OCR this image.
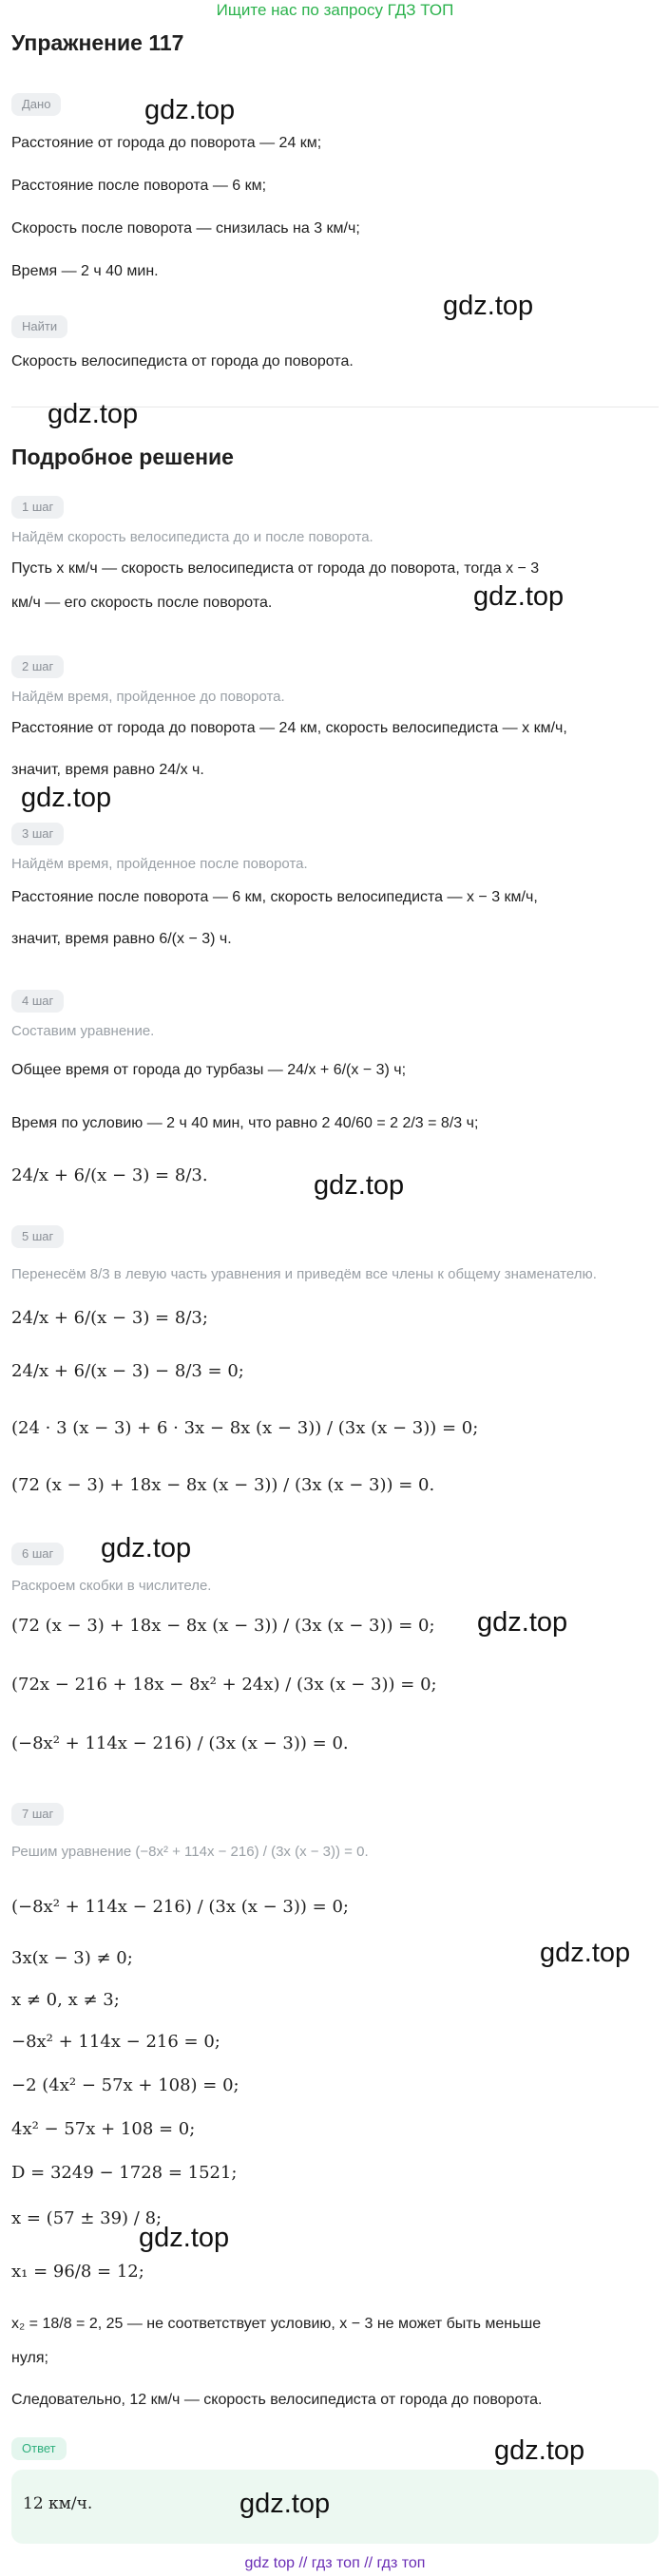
Ищите нас по запросу ГДЗ ТОП
Упражнение 117
Дано
Расстояние от города до поворота — 24 км;
Расстояние после поворота — 6 км;
Скорость после поворота — снизилась на 3 км/ч;
Время — 2 ч 40 мин.
Найти
Скорость велосипедиста от города до поворота.
Подробное решение
1 шаг
Найдём скорость велосипедиста до и после поворота.
Пусть x км/ч — скорость велосипедиста от города до поворота, тогда x − 3
км/ч — его скорость после поворота.
2 шаг
Найдём время, пройденное до поворота.
Расстояние от города до поворота — 24 км, скорость велосипедиста — x км/ч,
значит, время равно 24/x ч.
3 шаг
Найдём время, пройденное после поворота.
Расстояние после поворота — 6 км, скорость велосипедиста — x − 3 км/ч,
значит, время равно 6/(x − 3) ч.
4 шаг
Составим уравнение.
Общее время от города до турбазы — 24/x + 6/(x − 3) ч;
Время по условию — 2 ч 40 мин, что равно 2 40/60 = 2 2/3 = 8/3 ч;
24/x + 6/(x − 3) = 8/3.
5 шаг
Перенесём 8/3 в левую часть уравнения и приведём все члены к общему знаменателю.
24/x + 6/(x − 3) = 8/3;
24/x + 6/(x − 3) − 8/3 = 0;
(24 · 3 (x − 3) + 6 · 3x − 8x (x − 3)) / (3x (x − 3)) = 0;
(72 (x − 3) + 18x − 8x (x − 3)) / (3x (x − 3)) = 0.
6 шаг
Раскроем скобки в числителе.
(72 (x − 3) + 18x − 8x (x − 3)) / (3x (x − 3)) = 0;
(72x − 216 + 18x − 8x² + 24x) / (3x (x − 3)) = 0;
(−8x² + 114x − 216) / (3x (x − 3)) = 0.
7 шаг
Решим уравнение (−8x² + 114x − 216) / (3x (x − 3)) = 0.
(−8x² + 114x − 216) / (3x (x − 3)) = 0;
3x(x − 3) ≠ 0;
x ≠ 0, x ≠ 3;
−8x² + 114x − 216 = 0;
−2 (4x² − 57x + 108) = 0;
4x² − 57x + 108 = 0;
D = 3249 − 1728 = 1521;
x = (57 ± 39) / 8;
x₁ = 96/8 = 12;
x₂ = 18/8 = 2, 25 — не соответствует условию, x − 3 не может быть меньше
нуля;
Следовательно, 12 км/ч — скорость велосипедиста от города до поворота.
Ответ
12 км/ч.
gdz.top
gdz.top
gdz.top
gdz.top
gdz.top
gdz.top
gdz.top
gdz.top
gdz.top
gdz.top
gdz.top
gdz.top
gdz top // гдз топ // гдз топ
